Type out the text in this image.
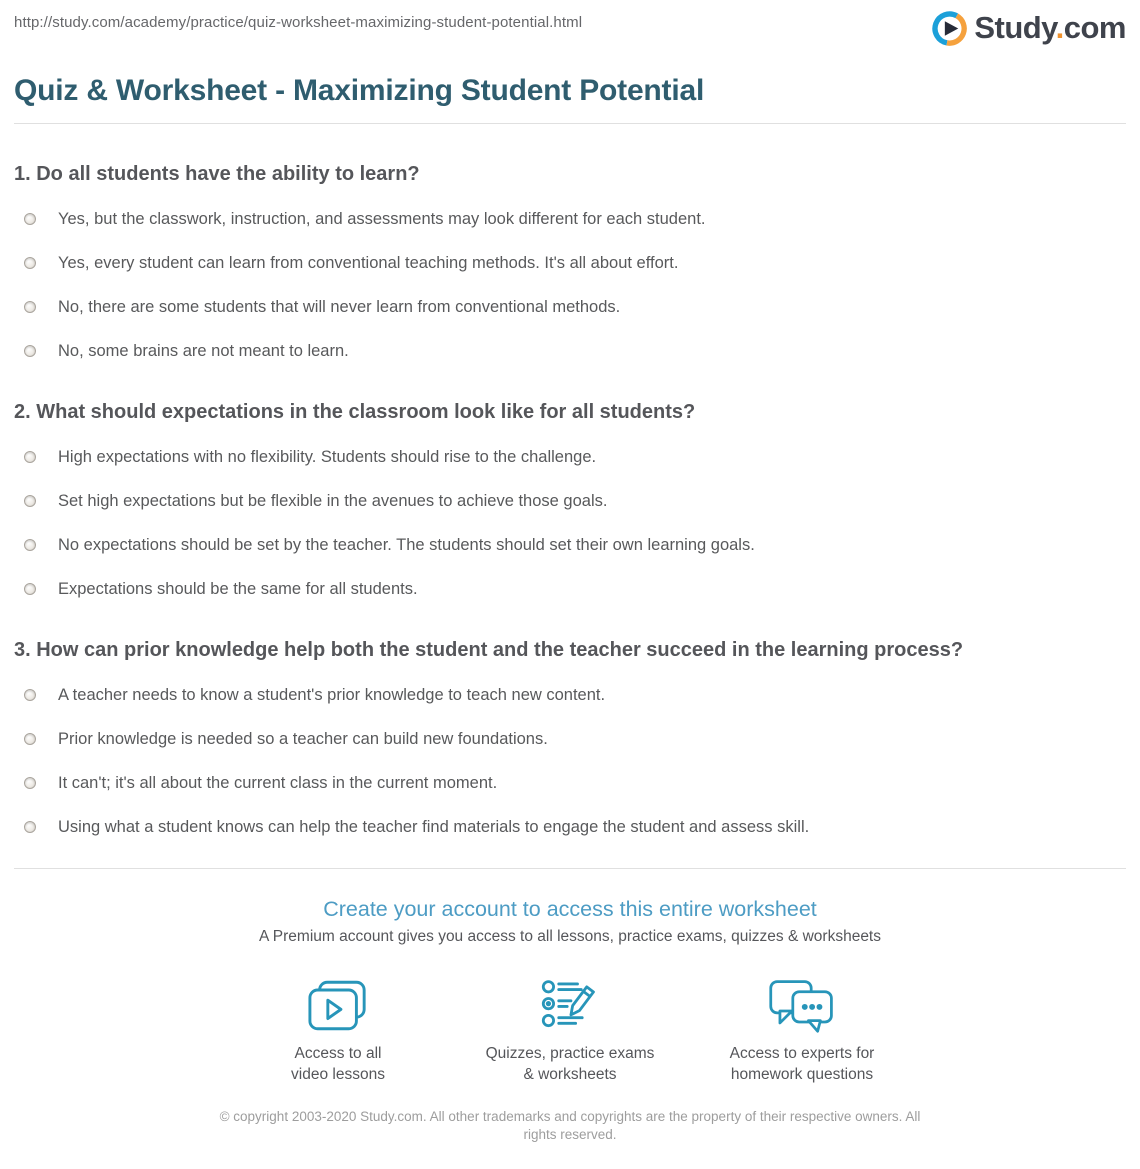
http://study.com/academy/practice/quiz-worksheet-maximizing-student-potential.html	Study.com
Quiz & Worksheet - Maximizing Student Potential
1. Do all students have the ability to learn?
Yes, but the classwork, instruction, and assessments may look different for each student.
Yes, every student can learn from conventional teaching methods. It's all about effort.
No, there are some students that will never learn from conventional methods.
No, some brains are not meant to learn.
2. What should expectations in the classroom look like for all students?
High expectations with no flexibility. Students should rise to the challenge.
Set high expectations but be flexible in the avenues to achieve those goals.
No expectations should be set by the teacher. The students should set their own learning goals.
Expectations should be the same for all students.
3. How can prior knowledge help both the student and the teacher succeed in the learning process?
A teacher needs to know a student's prior knowledge to teach new content.
Prior knowledge is needed so a teacher can build new foundations.
It can't; it's all about the current class in the current moment.
Using what a student knows can help the teacher find materials to engage the student and assess skill.
Create your account to access this entire worksheet
A Premium account gives you access to all lessons, practice exams, quizzes & worksheets
Access to all
video lessons
Quizzes, practice exams
& worksheets
Access to experts for
homework questions
© copyright 2003-2020 Study.com. All other trademarks and copyrights are the property of their respective owners. All rights reserved.
